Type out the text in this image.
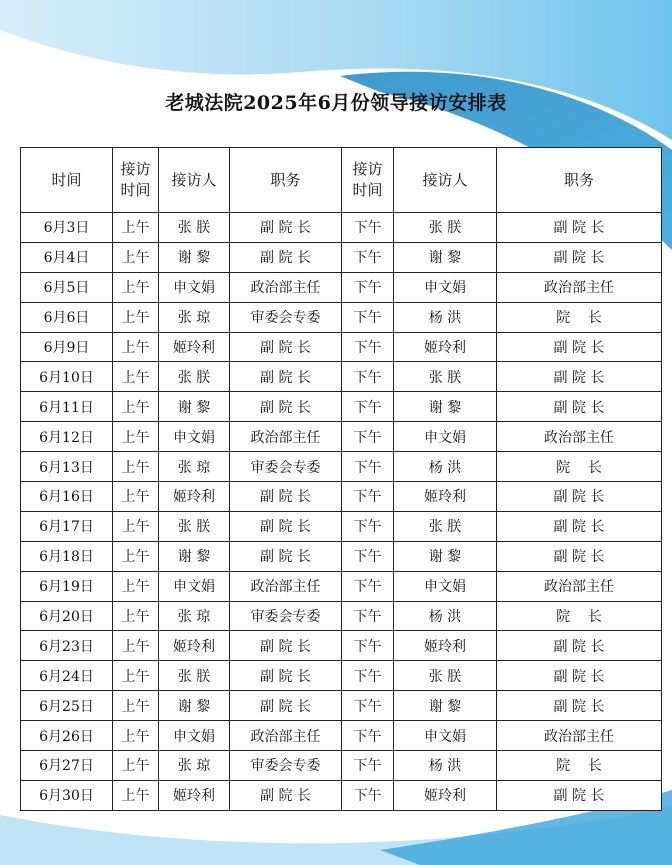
老城法院2025年6月份领导接访安排表
时间	接访时间	接访人	职务	接访时间	接访人	职务
6月3日	上午	张 朕	副 院 长	下午	张 朕	副 院 长
6月4日	上午	谢 黎	副 院 长	下午	谢 黎	副 院 长
6月5日	上午	申文娟	政治部主任	下午	申文娟	政治部主任
6月6日	上午	张 琼	审委会专委	下午	杨 洪	院    长
6月9日	上午	姬玲利	副 院 长	下午	姬玲利	副 院 长
6月10日	上午	张 朕	副 院 长	下午	张 朕	副 院 长
6月11日	上午	谢 黎	副 院 长	下午	谢 黎	副 院 长
6月12日	上午	申文娟	政治部主任	下午	申文娟	政治部主任
6月13日	上午	张 琼	审委会专委	下午	杨 洪	院    长
6月16日	上午	姬玲利	副 院 长	下午	姬玲利	副 院 长
6月17日	上午	张 朕	副 院 长	下午	张 朕	副 院 长
6月18日	上午	谢 黎	副 院 长	下午	谢 黎	副 院 长
6月19日	上午	申文娟	政治部主任	下午	申文娟	政治部主任
6月20日	上午	张 琼	审委会专委	下午	杨 洪	院    长
6月23日	上午	姬玲利	副 院 长	下午	姬玲利	副 院 长
6月24日	上午	张 朕	副 院 长	下午	张 朕	副 院 长
6月25日	上午	谢 黎	副 院 长	下午	谢 黎	副 院 长
6月26日	上午	申文娟	政治部主任	下午	申文娟	政治部主任
6月27日	上午	张 琼	审委会专委	下午	杨 洪	院    长
6月30日	上午	姬玲利	副 院 长	下午	姬玲利	副 院 长
